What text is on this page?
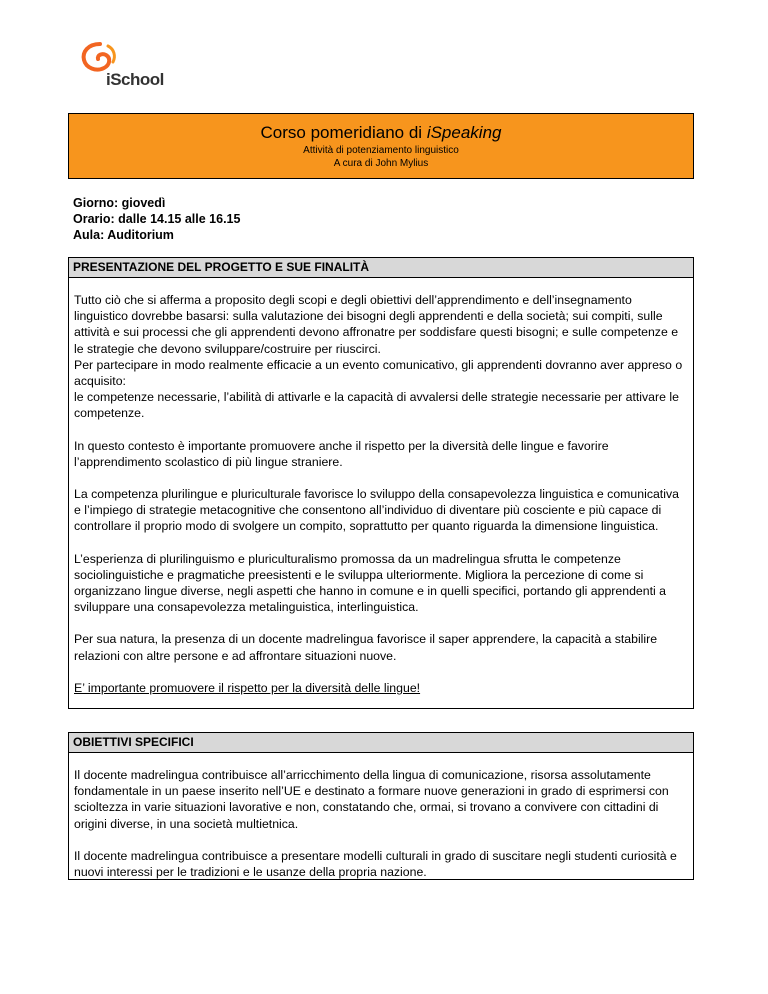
iSchool
Corso pomeridiano di iSpeaking
Attività di potenziamento linguistico
A cura di John Mylius
Giorno: giovedì
Orario: dalle 14.15 alle 16.15
Aula: Auditorium
PRESENTAZIONE DEL PROGETTO E SUE FINALITÀ

Tutto ciò che si afferma a proposito degli scopi e degli obiettivi dell’apprendimento e dell’insegnamento linguistico dovrebbe basarsi: sulla valutazione dei bisogni degli apprendenti e della società; sui compiti, sulle attività e sui processi che gli apprendenti devono affronatre per soddisfare questi bisogni; e sulle competenze e le strategie che devono sviluppare/costruire per riuscirci.
Per partecipare in modo realmente efficacie a un evento comunicativo, gli apprendenti dovranno aver appreso o acquisito:
le competenze necessarie, l’abilità di attivarle e la capacità di avvalersi delle strategie necessarie per attivare le competenze.

In questo contesto è importante promuovere anche il rispetto per la diversità delle lingue e favorire l’apprendimento scolastico di più lingue straniere.

La competenza plurilingue e pluriculturale favorisce lo sviluppo della consapevolezza linguistica e comunicativa e l’impiego di strategie metacognitive che consentono all’individuo di diventare più cosciente e più capace di controllare il proprio modo di svolgere un compito, soprattutto per quanto riguarda la dimensione linguistica.

L’esperienza di plurilinguismo e pluriculturalismo promossa da un madrelingua sfrutta le competenze sociolinguistiche e pragmatiche preesistenti e le sviluppa ulteriormente. Migliora la percezione di come si organizzano lingue diverse, negli aspetti che hanno in comune e in quelli specifici, portando gli apprendenti a sviluppare una consapevolezza metalinguistica, interlinguistica.

Per sua natura, la presenza di un docente madrelingua favorisce il saper apprendere, la capacità a stabilire relazioni con altre persone e ad affrontare situazioni nuove.

E’ importante promuovere il rispetto per la diversità delle lingue!

OBIETTIVI SPECIFICI

Il docente madrelingua contribuisce all’arricchimento della lingua di comunicazione, risorsa assolutamente fondamentale in un paese inserito nell’UE e destinato a formare nuove generazioni in grado di esprimersi con scioltezza in varie situazioni lavorative e non, constatando che, ormai, si trovano a convivere con cittadini di origini diverse, in una società multietnica.

Il docente madrelingua contribuisce a presentare modelli culturali in grado di suscitare negli studenti curiosità e nuovi interessi per le tradizioni e le usanze della propria nazione.
